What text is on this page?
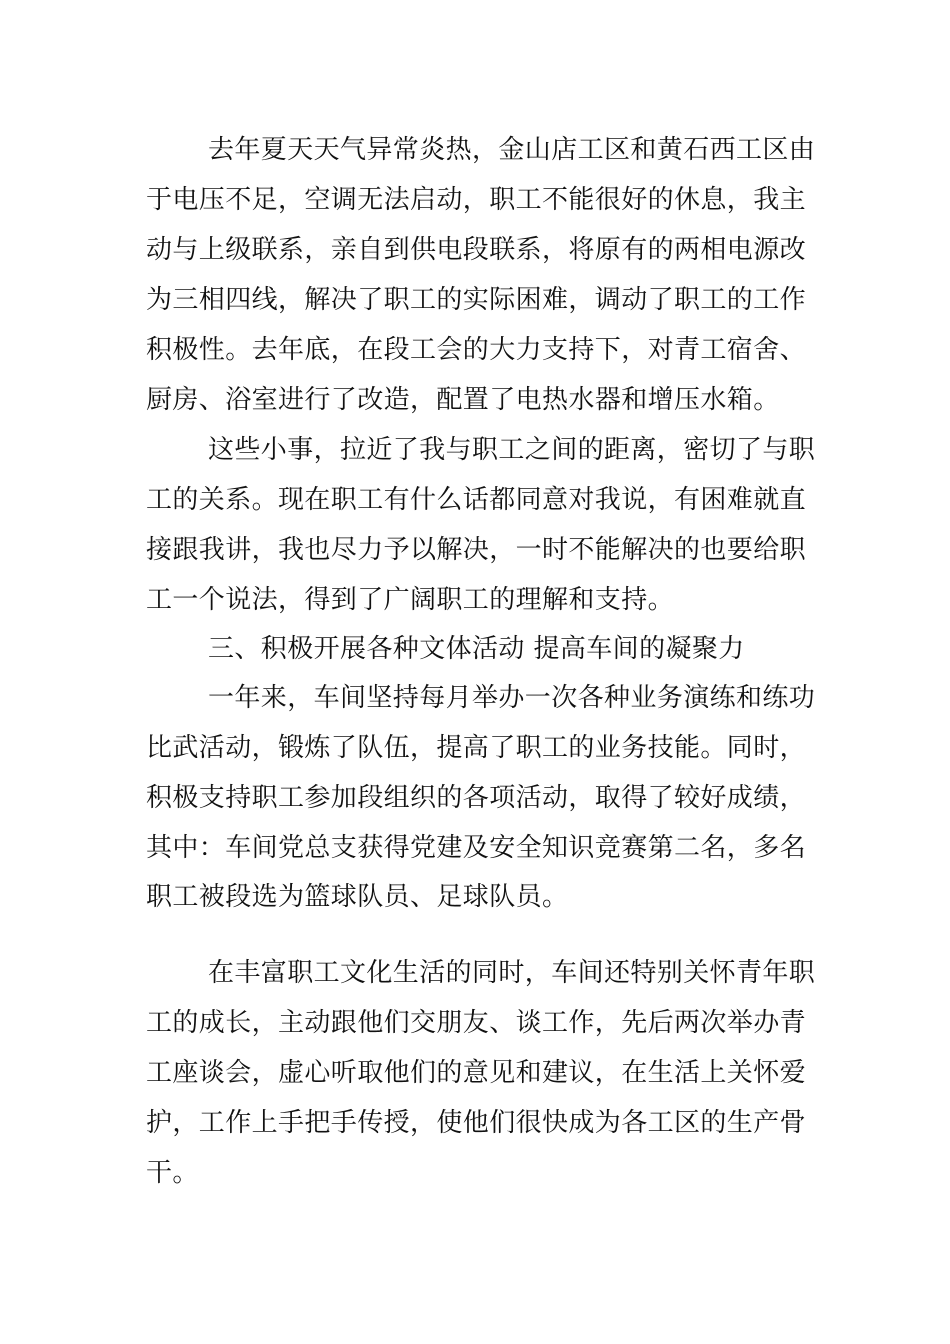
去年夏天天气异常炎热，金山店工区和黄石西工区由
于电压不足，空调无法启动，职工不能很好的休息，我主
动与上级联系，亲自到供电段联系，将原有的两相电源改
为三相四线，解决了职工的实际困难，调动了职工的工作
积极性。去年底，在段工会的大力支持下，对青工宿舍、
厨房、浴室进行了改造，配置了电热水器和增压水箱。
这些小事，拉近了我与职工之间的距离，密切了与职
工的关系。现在职工有什么话都同意对我说，有困难就直
接跟我讲，我也尽力予以解决，一时不能解决的也要给职
工一个说法，得到了广阔职工的理解和支持。
三、积极开展各种文体活动 提高车间的凝聚力
一年来，车间坚持每月举办一次各种业务演练和练功
比武活动，锻炼了队伍，提高了职工的业务技能。同时，
积极支持职工参加段组织的各项活动，取得了较好成绩，
其中：车间党总支获得党建及安全知识竞赛第二名，多名
职工被段选为篮球队员、足球队员。
在丰富职工文化生活的同时，车间还特别关怀青年职
工的成长，主动跟他们交朋友、谈工作，先后两次举办青
工座谈会，虚心听取他们的意见和建议，在生活上关怀爱
护，工作上手把手传授，使他们很快成为各工区的生产骨
干。
